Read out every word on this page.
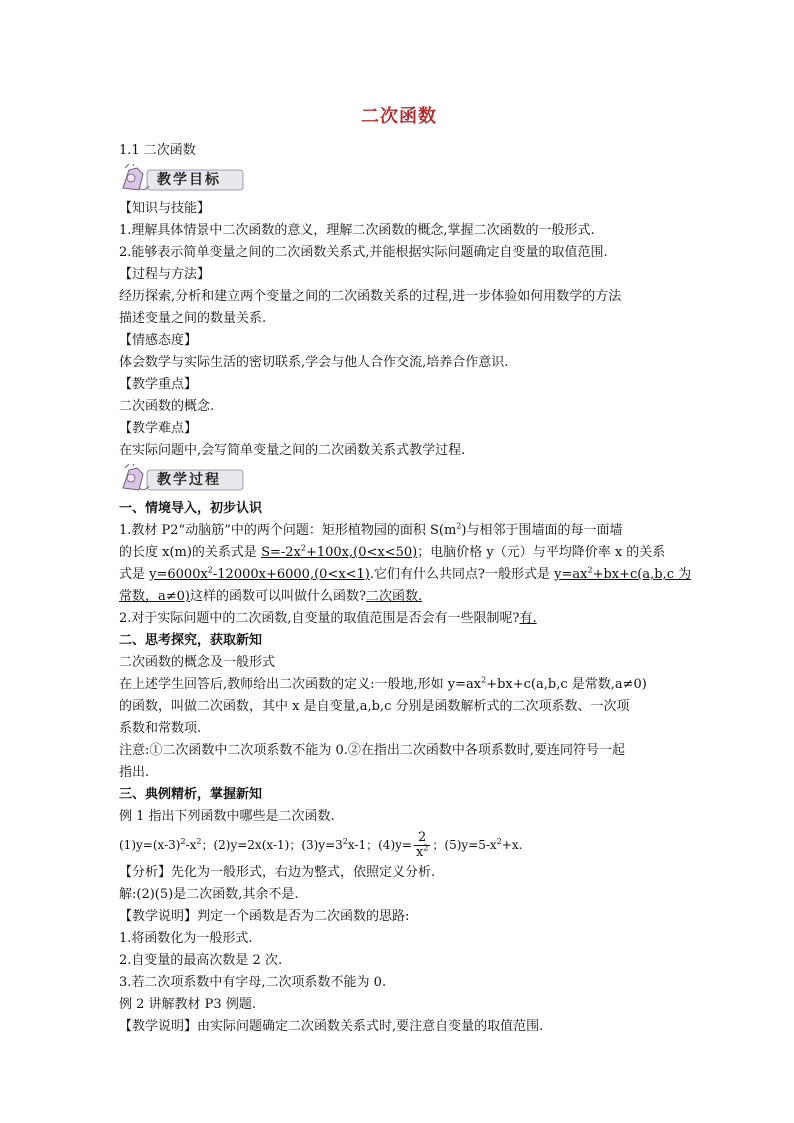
二次函数
1.1 二次函数
教学目标
【知识与技能】
1.理解具体情景中二次函数的意义，理解二次函数的概念,掌握二次函数的一般形式.
2.能够表示简单变量之间的二次函数关系式,并能根据实际问题确定自变量的取值范围.
【过程与方法】
经历探索,分析和建立两个变量之间的二次函数关系的过程,进一步体验如何用数学的方法
描述变量之间的数量关系.
【情感态度】
体会数学与实际生活的密切联系,学会与他人合作交流,培养合作意识.
【教学重点】
二次函数的概念.
【教学难点】
在实际问题中,会写简单变量之间的二次函数关系式教学过程.
教学过程
一、情境导入，初步认识
1.教材 P2“动脑筋”中的两个问题：矩形植物园的面积 $S(m^2)$与相邻于围墙面的每一面墙
的长度 x(m)的关系式是 $S=-2x^2+100x,(0<x<50)$；电脑价格 y（元）与平均降价率 x 的关系
式是 $y=6000x^2-12000x+6000,(0<x<1)$.它们有什么共同点?一般形式是 $y=ax^2+bx+c(a,b,c$ 为
常数，a≠0)这样的函数可以叫做什么函数?二次函数.
2.对于实际问题中的二次函数,自变量的取值范围是否会有一些限制呢?有.
二、思考探究，获取新知
二次函数的概念及一般形式
在上述学生回答后,教师给出二次函数的定义:一般地,形如 $y=ax^2+bx+c(a,b,c$ 是常数,a≠0)
的函数，叫做二次函数，其中 x 是自变量,a,b,c 分别是函数解析式的二次项系数、一次项
系数和常数项.
注意:①二次函数中二次项系数不能为 0.②在指出二次函数中各项系数时,要连同符号一起
指出.
三、典例精析，掌握新知
例 1 指出下列函数中哪些是二次函数.
$(1)y=(x-3)^2-x^2$；(2)y=2x(x-1)；$(3)y=3^2x-1$；$(4)y= \frac{2}{x^2}$ ；$(5)y=5-x^2+x$.
【分析】先化为一般形式，右边为整式，依照定义分析.
解:(2)(5)是二次函数,其余不是.
【教学说明】判定一个函数是否为二次函数的思路:
1.将函数化为一般形式.
2.自变量的最高次数是 2 次.
3.若二次项系数中有字母,二次项系数不能为 0.
例 2 讲解教材 P3 例题.
【教学说明】由实际问题确定二次函数关系式时,要注意自变量的取值范围.
